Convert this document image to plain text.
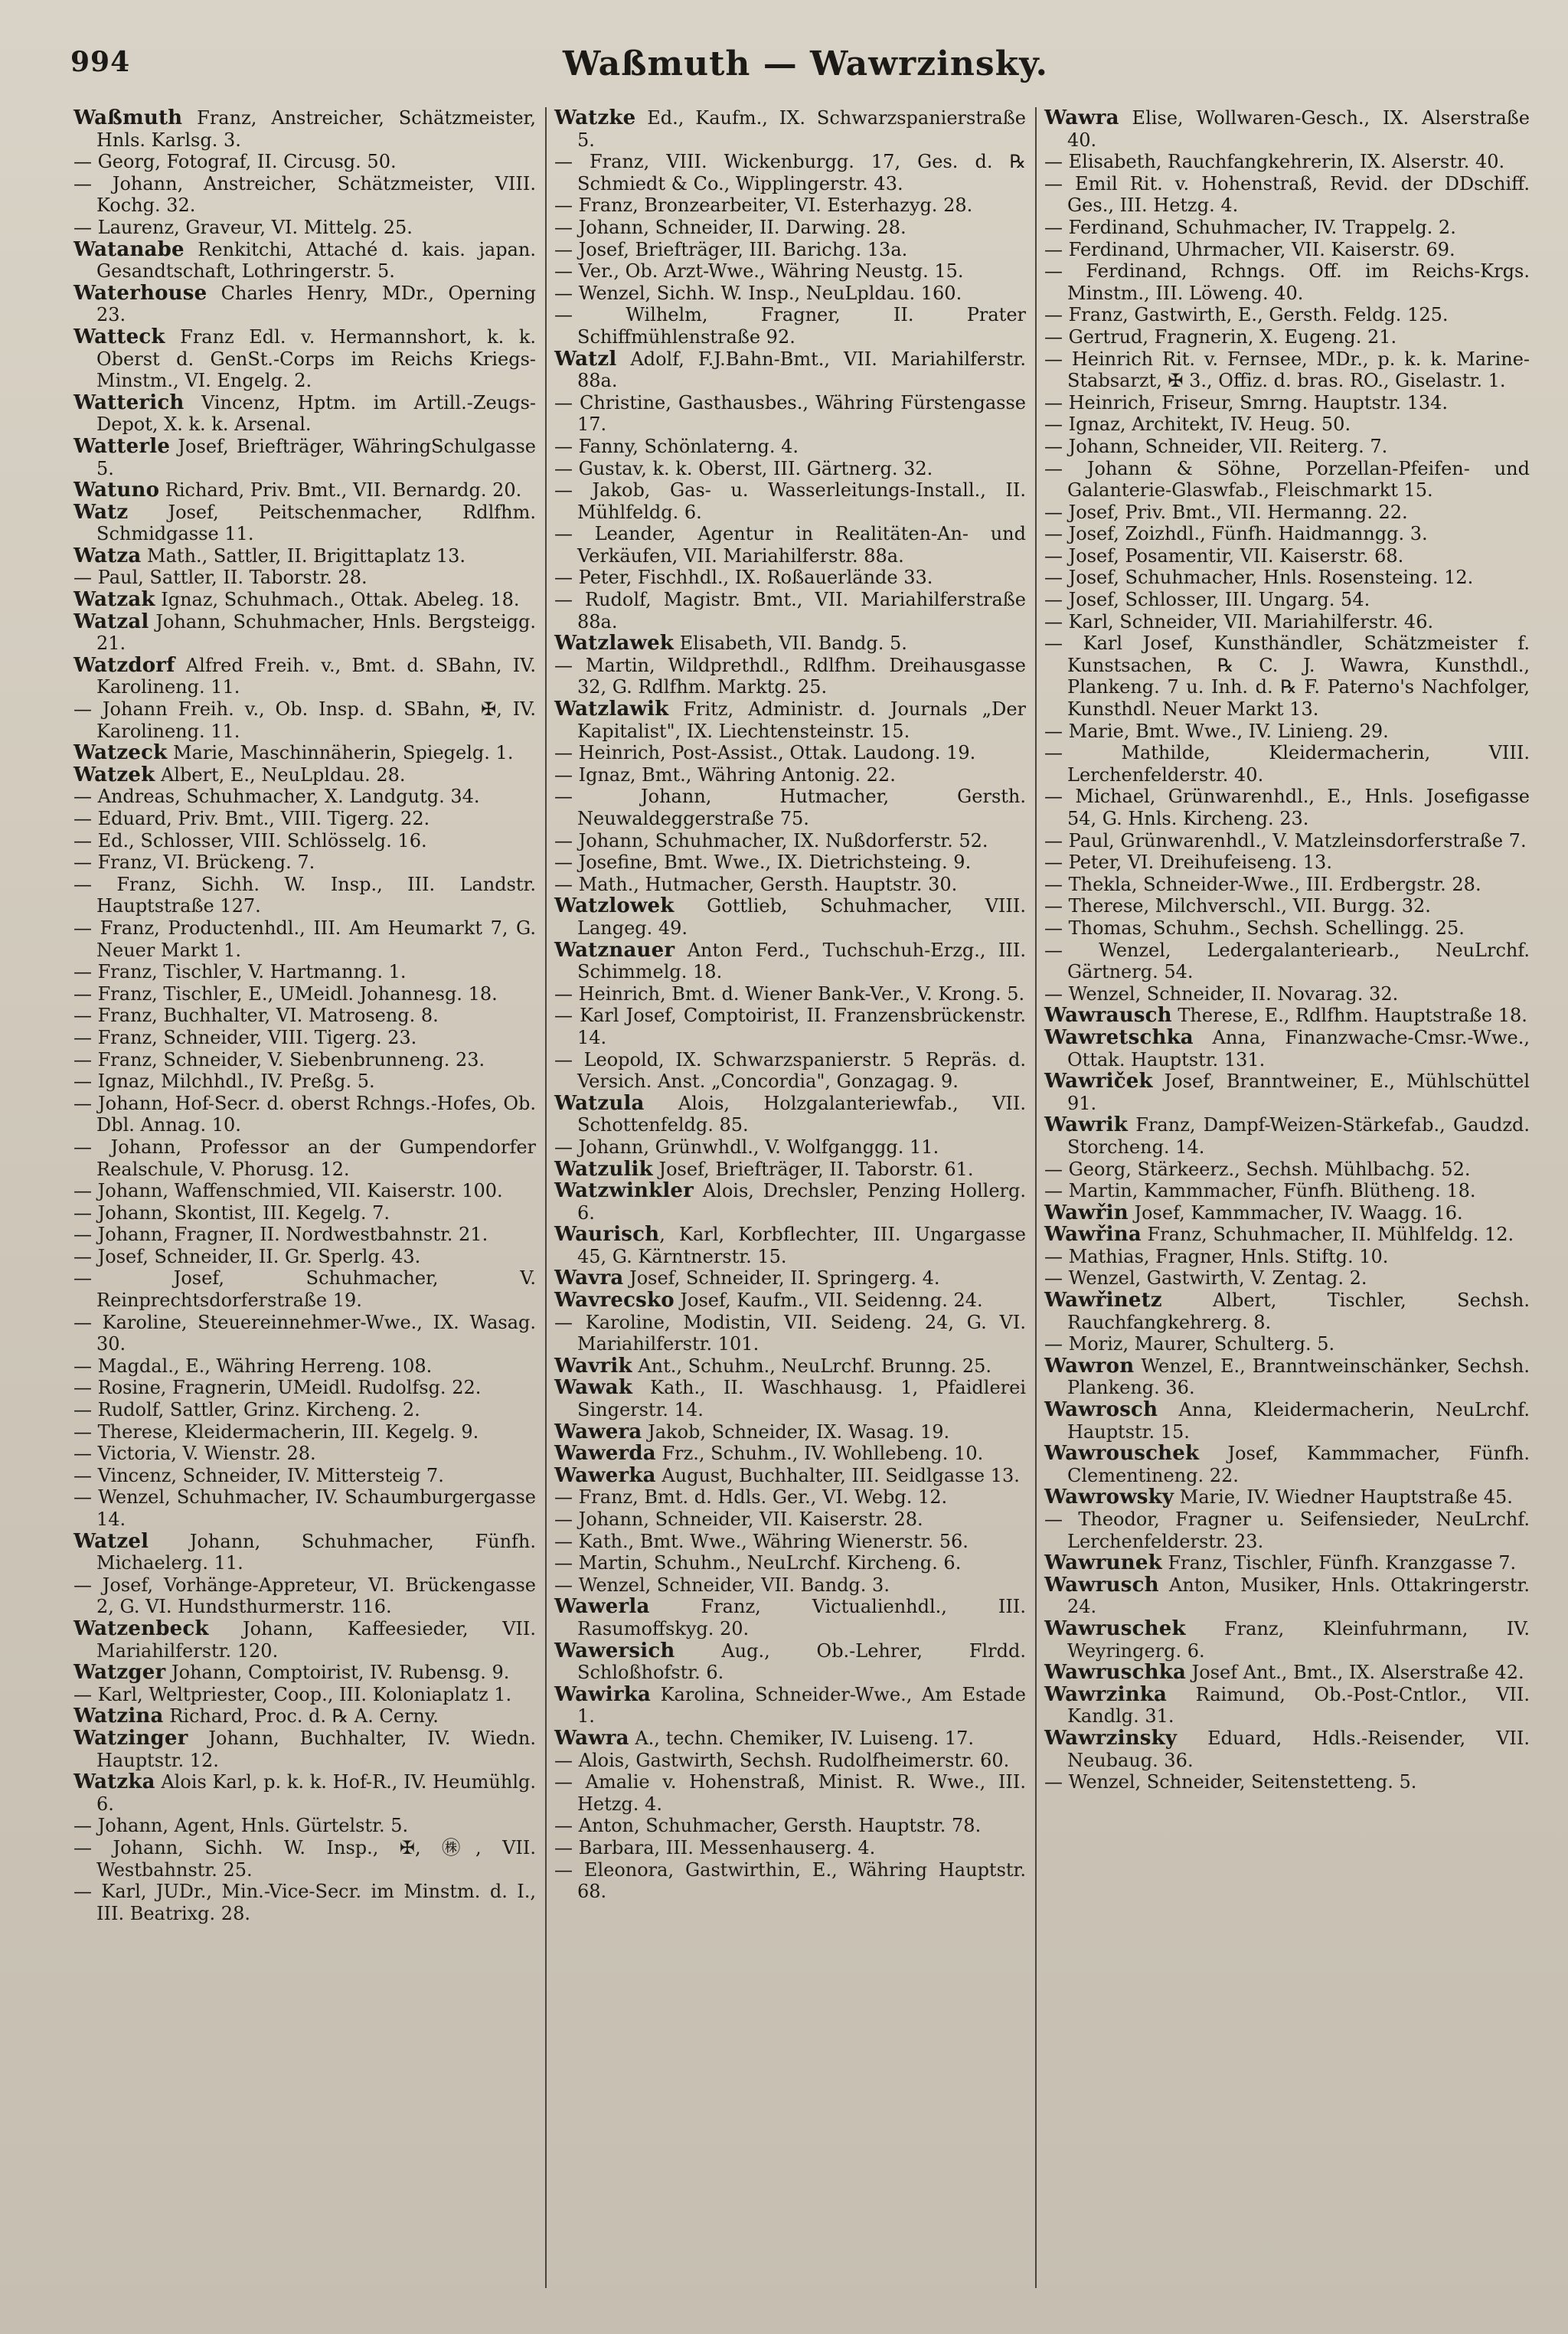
994	Waßmuth — Wawrzinsky.
Waßmuth Franz, Anstreicher, Schätzmeister, Hnls. Karlsg. 3.
— Georg, Fotograf, II. Circusg. 50.
— Johann, Anstreicher, Schätzmeister, VIII. Kochg. 32.
— Laurenz, Graveur, VI. Mittelg. 25.
Watanabe Renkitchi, Attaché d. kais. japan. Gesandtschaft, Lothringerstr. 5.
Waterhouse Charles Henry, MDr., Operning 23.
Watteck Franz Edl. v. Hermannshort, k. k. Oberst d. GenSt.-Corps im Reichs Kriegs-Minstm., VI. Engelg. 2.
Watterich Vincenz, Hptm. im Artill.-Zeugs-Depot, X. k. k. Arsenal.
Watterle Josef, Briefträger, WähringSchulgasse 5.
Watuno Richard, Priv. Bmt., VII. Bernardg. 20.
Watz Josef, Peitschenmacher, Rdlfhm. Schmidgasse 11.
Watza Math., Sattler, II. Brigittaplatz 13.
— Paul, Sattler, II. Taborstr. 28.
Watzak Ignaz, Schuhmach., Ottak. Abeleg. 18.
Watzal Johann, Schuhmacher, Hnls. Bergsteigg. 21.
Watzdorf Alfred Freih. v., Bmt. d. SBahn, IV. Karolineng. 11.
— Johann Freih. v., Ob. Insp. d. SBahn, ✠, IV. Karolineng. 11.
Watzeck Marie, Maschinnäherin, Spiegelg. 1.
Watzek Albert, E., NeuLpldau. 28.
— Andreas, Schuhmacher, X. Landgutg. 34.
— Eduard, Priv. Bmt., VIII. Tigerg. 22.
— Ed., Schlosser, VIII. Schlösselg. 16.
— Franz, VI. Brückeng. 7.
— Franz, Sichh. W. Insp., III. Landstr. Hauptstraße 127.
— Franz, Productenhdl., III. Am Heumarkt 7, G. Neuer Markt 1.
— Franz, Tischler, V. Hartmanng. 1.
— Franz, Tischler, E., UMeidl. Johannesg. 18.
— Franz, Buchhalter, VI. Matroseng. 8.
— Franz, Schneider, VIII. Tigerg. 23.
— Franz, Schneider, V. Siebenbrunneng. 23.
— Ignaz, Milchhdl., IV. Preßg. 5.
— Johann, Hof-Secr. d. oberst Rchngs.-Hofes, Ob. Dbl. Annag. 10.
— Johann, Professor an der Gumpendorfer Realschule, V. Phorusg. 12.
— Johann, Waffenschmied, VII. Kaiserstr. 100.
— Johann, Skontist, III. Kegelg. 7.
— Johann, Fragner, II. Nordwestbahnstr. 21.
— Josef, Schneider, II. Gr. Sperlg. 43.
— Josef, Schuhmacher, V. Reinprechtsdorferstraße 19.
— Karoline, Steuereinnehmer-Wwe., IX. Wasag. 30.
— Magdal., E., Währing Herreng. 108.
— Rosine, Fragnerin, UMeidl. Rudolfsg. 22.
— Rudolf, Sattler, Grinz. Kircheng. 2.
— Therese, Kleidermacherin, III. Kegelg. 9.
— Victoria, V. Wienstr. 28.
— Vincenz, Schneider, IV. Mittersteig 7.
— Wenzel, Schuhmacher, IV. Schaumburgergasse 14.
Watzel Johann, Schuhmacher, Fünfh. Michaelerg. 11.
— Josef, Vorhänge-Appreteur, VI. Brückengasse 2, G. VI. Hundsthurmerstr. 116.
Watzenbeck Johann, Kaffeesieder, VII. Mariahilferstr. 120.
Watzger Johann, Comptoirist, IV. Rubensg. 9.
— Karl, Weltpriester, Coop., III. Koloniaplatz 1.
Watzina Richard, Proc. d. ℞ A. Cerny.
Watzinger Johann, Buchhalter, IV. Wiedn. Hauptstr. 12.
Watzka Alois Karl, p. k. k. Hof-R., IV. Heumühlg. 6.
— Johann, Agent, Hnls. Gürtelstr. 5.
— Johann, Sichh. W. Insp., ✠, ㊑, VII. Westbahnstr. 25.
— Karl, JUDr., Min.-Vice-Secr. im Minstm. d. I., III. Beatrixg. 28.
Watzke Ed., Kaufm., IX. Schwarzspanierstraße 5.
— Franz, VIII. Wickenburgg. 17, Ges. d. ℞ Schmiedt & Co., Wipplingerstr. 43.
— Franz, Bronzearbeiter, VI. Esterhazyg. 28.
— Johann, Schneider, II. Darwing. 28.
— Josef, Briefträger, III. Barichg. 13a.
— Ver., Ob. Arzt-Wwe., Währing Neustg. 15.
— Wenzel, Sichh. W. Insp., NeuLpldau. 160.
— Wilhelm, Fragner, II. Prater Schiffmühlenstraße 92.
Watzl Adolf, F.J.Bahn-Bmt., VII. Mariahilferstr. 88a.
— Christine, Gasthausbes., Währing Fürstengasse 17.
— Fanny, Schönlaterng. 4.
— Gustav, k. k. Oberst, III. Gärtnerg. 32.
— Jakob, Gas- u. Wasserleitungs-Install., II. Mühlfeldg. 6.
— Leander, Agentur in Realitäten-An- und Verkäufen, VII. Mariahilferstr. 88a.
— Peter, Fischhdl., IX. Roßauerlände 33.
— Rudolf, Magistr. Bmt., VII. Mariahilferstraße 88a.
Watzlawek Elisabeth, VII. Bandg. 5.
— Martin, Wildprethdl., Rdlfhm. Dreihausgasse 32, G. Rdlfhm. Marktg. 25.
Watzlawik Fritz, Administr. d. Journals „Der Kapitalist", IX. Liechtensteinstr. 15.
— Heinrich, Post-Assist., Ottak. Laudong. 19.
— Ignaz, Bmt., Währing Antonig. 22.
— Johann, Hutmacher, Gersth. Neuwaldeggerstraße 75.
— Johann, Schuhmacher, IX. Nußdorferstr. 52.
— Josefine, Bmt. Wwe., IX. Dietrichsteing. 9.
— Math., Hutmacher, Gersth. Hauptstr. 30.
Watzlowek Gottlieb, Schuhmacher, VIII. Langeg. 49.
Watznauer Anton Ferd., Tuchschuh-Erzg., III. Schimmelg. 18.
— Heinrich, Bmt. d. Wiener Bank-Ver., V. Krong. 5.
— Karl Josef, Comptoirist, II. Franzensbrückenstr. 14.
— Leopold, IX. Schwarzspanierstr. 5 Repräs. d. Versich. Anst. „Concordia", Gonzagag. 9.
Watzula Alois, Holzgalanteriewfab., VII. Schottenfeldg. 85.
— Johann, Grünwhdl., V. Wolfganggg. 11.
Watzulik Josef, Briefträger, II. Taborstr. 61.
Watzwinkler Alois, Drechsler, Penzing Hollerg. 6.
Waurisch, Karl, Korbflechter, III. Ungargasse 45, G. Kärntnerstr. 15.
Wavra Josef, Schneider, II. Springerg. 4.
Wavrecsko Josef, Kaufm., VII. Seidenng. 24.
— Karoline, Modistin, VII. Seideng. 24, G. VI. Mariahilferstr. 101.
Wavrik Ant., Schuhm., NeuLrchf. Brunng. 25.
Wawak Kath., II. Waschhausg. 1, Pfaidlerei Singerstr. 14.
Wawera Jakob, Schneider, IX. Wasag. 19.
Wawerda Frz., Schuhm., IV. Wohllebeng. 10.
Wawerka August, Buchhalter, III. Seidlgasse 13.
— Franz, Bmt. d. Hdls. Ger., VI. Webg. 12.
— Johann, Schneider, VII. Kaiserstr. 28.
— Kath., Bmt. Wwe., Währing Wienerstr. 56.
— Martin, Schuhm., NeuLrchf. Kircheng. 6.
— Wenzel, Schneider, VII. Bandg. 3.
Wawerla Franz, Victualienhdl., III. Rasumoffskyg. 20.
Wawersich Aug., Ob.-Lehrer, Flrdd. Schloßhofstr. 6.
Wawirka Karolina, Schneider-Wwe., Am Estade 1.
Wawra A., techn. Chemiker, IV. Luiseng. 17.
— Alois, Gastwirth, Sechsh. Rudolfheimerstr. 60.
— Amalie v. Hohenstraß, Minist. R. Wwe., III. Hetzg. 4.
— Anton, Schuhmacher, Gersth. Hauptstr. 78.
— Barbara, III. Messenhauserg. 4.
— Eleonora, Gastwirthin, E., Währing Hauptstr. 68.
Wawra Elise, Wollwaren-Gesch., IX. Alserstraße 40.
— Elisabeth, Rauchfangkehrerin, IX. Alserstr. 40.
— Emil Rit. v. Hohenstraß, Revid. der DDschiff. Ges., III. Hetzg. 4.
— Ferdinand, Schuhmacher, IV. Trappelg. 2.
— Ferdinand, Uhrmacher, VII. Kaiserstr. 69.
— Ferdinand, Rchngs. Off. im Reichs-Krgs. Minstm., III. Löweng. 40.
— Franz, Gastwirth, E., Gersth. Feldg. 125.
— Gertrud, Fragnerin, X. Eugeng. 21.
— Heinrich Rit. v. Fernsee, MDr., p. k. k. Marine-Stabsarzt, ✠ 3., Offiz. d. bras. RO., Giselastr. 1.
— Heinrich, Friseur, Smrng. Hauptstr. 134.
— Ignaz, Architekt, IV. Heug. 50.
— Johann, Schneider, VII. Reiterg. 7.
— Johann & Söhne, Porzellan-Pfeifen- und Galanterie-Glaswfab., Fleischmarkt 15.
— Josef, Priv. Bmt., VII. Hermanng. 22.
— Josef, Zoizhdl., Fünfh. Haidmanngg. 3.
— Josef, Posamentir, VII. Kaiserstr. 68.
— Josef, Schuhmacher, Hnls. Rosensteing. 12.
— Josef, Schlosser, III. Ungarg. 54.
— Karl, Schneider, VII. Mariahilferstr. 46.
— Karl Josef, Kunsthändler, Schätzmeister f. Kunstsachen, ℞ C. J. Wawra, Kunsthdl., Plankeng. 7 u. Inh. d. ℞ F. Paterno's Nachfolger, Kunsthdl. Neuer Markt 13.
— Marie, Bmt. Wwe., IV. Linieng. 29.
— Mathilde, Kleidermacherin, VIII. Lerchenfelderstr. 40.
— Michael, Grünwarenhdl., E., Hnls. Josefigasse 54, G. Hnls. Kircheng. 23.
— Paul, Grünwarenhdl., V. Matzleinsdorferstraße 7.
— Peter, VI. Dreihufeiseng. 13.
— Thekla, Schneider-Wwe., III. Erdbergstr. 28.
— Therese, Milchverschl., VII. Burgg. 32.
— Thomas, Schuhm., Sechsh. Schellingg. 25.
— Wenzel, Ledergalanteriearb., NeuLrchf. Gärtnerg. 54.
— Wenzel, Schneider, II. Novarag. 32.
Wawrausch Therese, E., Rdlfhm. Hauptstraße 18.
Wawretschka Anna, Finanzwache-Cmsr.-Wwe., Ottak. Hauptstr. 131.
Wawriček Josef, Branntweiner, E., Mühlschüttel 91.
Wawrik Franz, Dampf-Weizen-Stärkefab., Gaudzd. Storcheng. 14.
— Georg, Stärkeerz., Sechsh. Mühlbachg. 52.
— Martin, Kammmacher, Fünfh. Blütheng. 18.
Wawřin Josef, Kammmacher, IV. Waagg. 16.
Wawřina Franz, Schuhmacher, II. Mühlfeldg. 12.
— Mathias, Fragner, Hnls. Stiftg. 10.
— Wenzel, Gastwirth, V. Zentag. 2.
Wawřinetz Albert, Tischler, Sechsh. Rauchfangkehrerg. 8.
— Moriz, Maurer, Schulterg. 5.
Wawron Wenzel, E., Branntweinschänker, Sechsh. Plankeng. 36.
Wawrosch Anna, Kleidermacherin, NeuLrchf. Hauptstr. 15.
Wawrouschek Josef, Kammmacher, Fünfh. Clementineng. 22.
Wawrowsky Marie, IV. Wiedner Hauptstraße 45.
— Theodor, Fragner u. Seifensieder, NeuLrchf. Lerchenfelderstr. 23.
Wawrunek Franz, Tischler, Fünfh. Kranzgasse 7.
Wawrusch Anton, Musiker, Hnls. Ottakringerstr. 24.
Wawruschek Franz, Kleinfuhrmann, IV. Weyringerg. 6.
Wawruschka Josef Ant., Bmt., IX. Alserstraße 42.
Wawrzinka Raimund, Ob.-Post-Cntlor., VII. Kandlg. 31.
Wawrzinsky Eduard, Hdls.-Reisender, VII. Neubaug. 36.
— Wenzel, Schneider, Seitenstetteng. 5.
